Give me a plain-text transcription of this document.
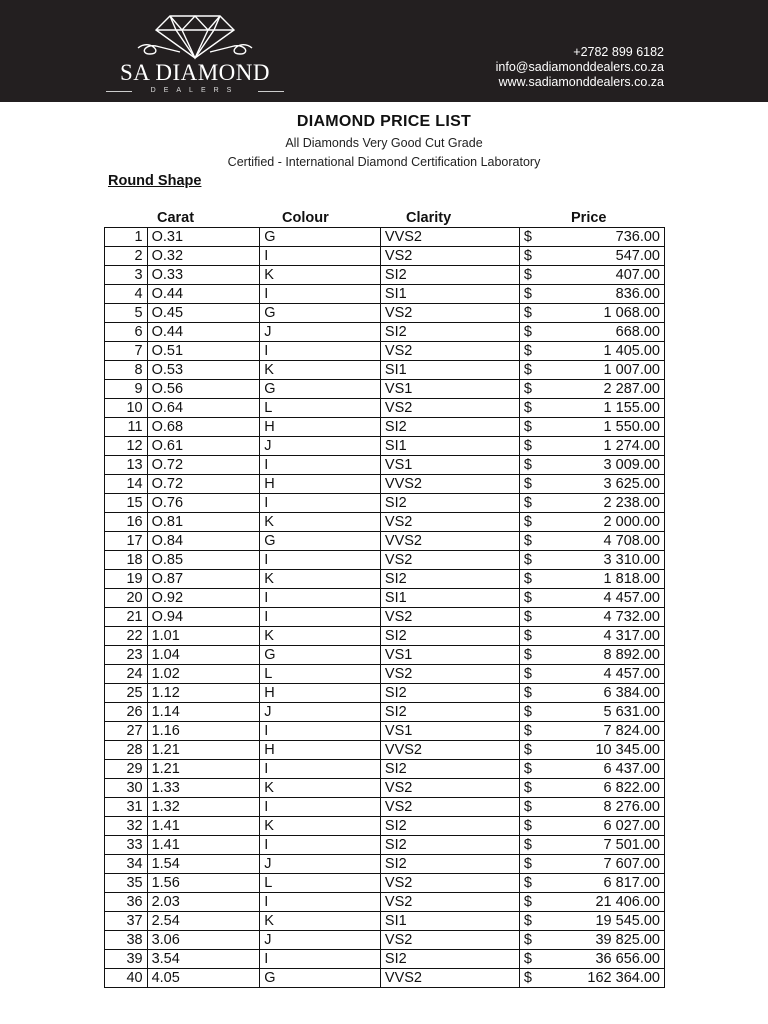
SA DIAMOND
DEALERS
+2782 899 6182
info@sadiamonddealers.co.za
www.sadiamonddealers.co.za
DIAMOND PRICE LIST
All Diamonds Very Good Cut Grade
Certified - International Diamond Certification Laboratory
Round Shape
Carat	Colour	Clarity	Price
1	O.31	G	VVS2	$ 736.00

2	O.32	I	VS2	$ 547.00

3	O.33	K	SI2	$ 407.00

4	O.44	I	SI1	$ 836.00

5	O.45	G	VS2	$ 1 068.00

6	O.44	J	SI2	$ 668.00

7	O.51	I	VS2	$ 1 405.00

8	O.53	K	SI1	$ 1 007.00

9	O.56	G	VS1	$ 2 287.00

10	O.64	L	VS2	$ 1 155.00

11	O.68	H	SI2	$ 1 550.00

12	O.61	J	SI1	$ 1 274.00

13	O.72	I	VS1	$ 3 009.00

14	O.72	H	VVS2	$ 3 625.00

15	O.76	I	SI2	$ 2 238.00

16	O.81	K	VS2	$ 2 000.00

17	O.84	G	VVS2	$ 4 708.00

18	O.85	I	VS2	$ 3 310.00

19	O.87	K	SI2	$ 1 818.00

20	O.92	I	SI1	$ 4 457.00

21	O.94	I	VS2	$ 4 732.00

22	1.01	K	SI2	$ 4 317.00

23	1.04	G	VS1	$ 8 892.00

24	1.02	L	VS2	$ 4 457.00

25	1.12	H	SI2	$ 6 384.00

26	1.14	J	SI2	$ 5 631.00

27	1.16	I	VS1	$ 7 824.00

28	1.21	H	VVS2	$ 10 345.00

29	1.21	I	SI2	$ 6 437.00

30	1.33	K	VS2	$ 6 822.00

31	1.32	I	VS2	$ 8 276.00

32	1.41	K	SI2	$ 6 027.00

33	1.41	I	SI2	$ 7 501.00

34	1.54	J	SI2	$ 7 607.00

35	1.56	L	VS2	$ 6 817.00

36	2.03	I	VS2	$ 21 406.00

37	2.54	K	SI1	$ 19 545.00

38	3.06	J	VS2	$ 39 825.00

39	3.54	I	SI2	$ 36 656.00

40	4.05	G	VVS2	$ 162 364.00
